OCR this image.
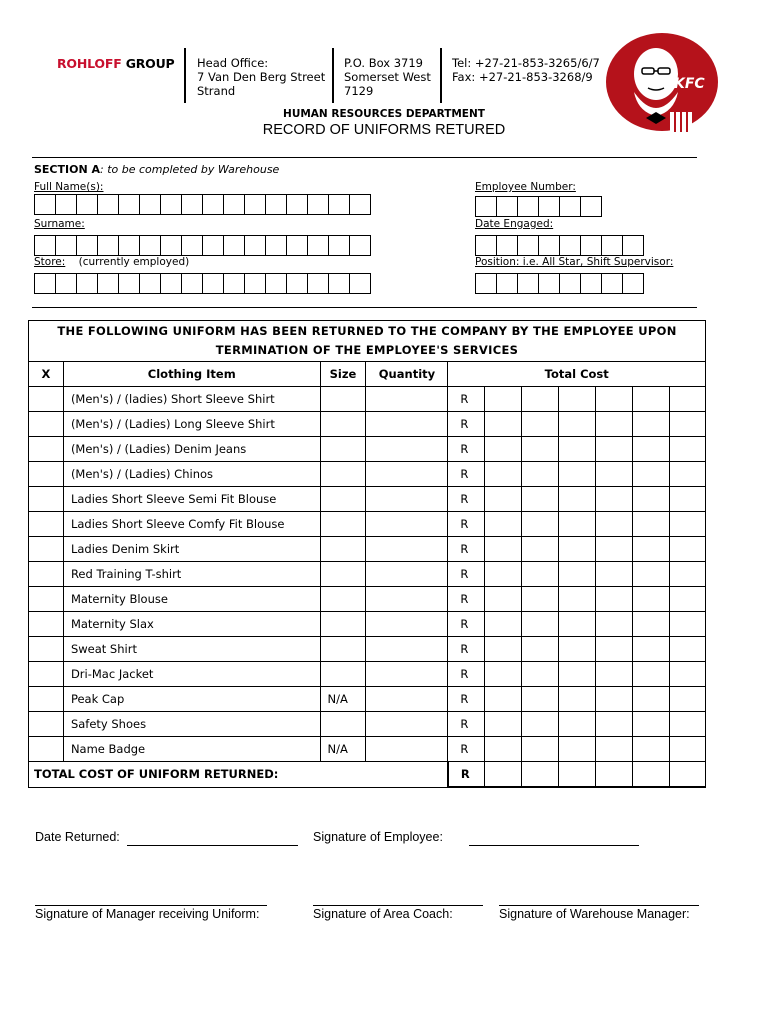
ROHLOFF GROUP Head Office:
7 Van Den Berg Street
Strand
P.O. Box 3719
Somerset West
7129
Tel: +27-21-853-3265/6/7
Fax: +27-21-853-3268/9	KFC
HUMAN RESOURCES DEPARTMENT
RECORD OF UNIFORMS RETURED
SECTION A: to be completed by Warehouse
Full Name(s):	Employee Number:
Surname:	Date Engaged:
Store: (currently employed)	Position: i.e. All Star, Shift Supervisor:
THE FOLLOWING UNIFORM HAS BEEN RETURNED TO THE COMPANY BY THE EMPLOYEE UPON
TERMINATION OF THE EMPLOYEE'S SERVICES										

X	Clothing Item	Size	Quantity	Total Cost						
	(Men's) / (ladies) Short Sleeve Shirt			R						
	(Men's) / (Ladies) Long Sleeve Shirt			R						
	(Men's) / (Ladies) Denim Jeans			R						
	(Men's) / (Ladies) Chinos			R						
	Ladies Short Sleeve Semi Fit Blouse			R						
	Ladies Short Sleeve Comfy Fit Blouse			R						
	Ladies Denim Skirt			R						
	Red Training T-shirt			R						
	Maternity Blouse			R						
	Maternity Slax			R						
	Sweat Shirt			R						
	Dri-Mac Jacket			R						
	Peak Cap	N/A		R						
	Safety Shoes			R						
	Name Badge	N/A		R						
TOTAL COST OF UNIFORM RETURNED:				R						
Date Returned:	Signature of Employee:
Signature of Manager receiving Uniform:	Signature of Area Coach:	Signature of Warehouse Manager:
